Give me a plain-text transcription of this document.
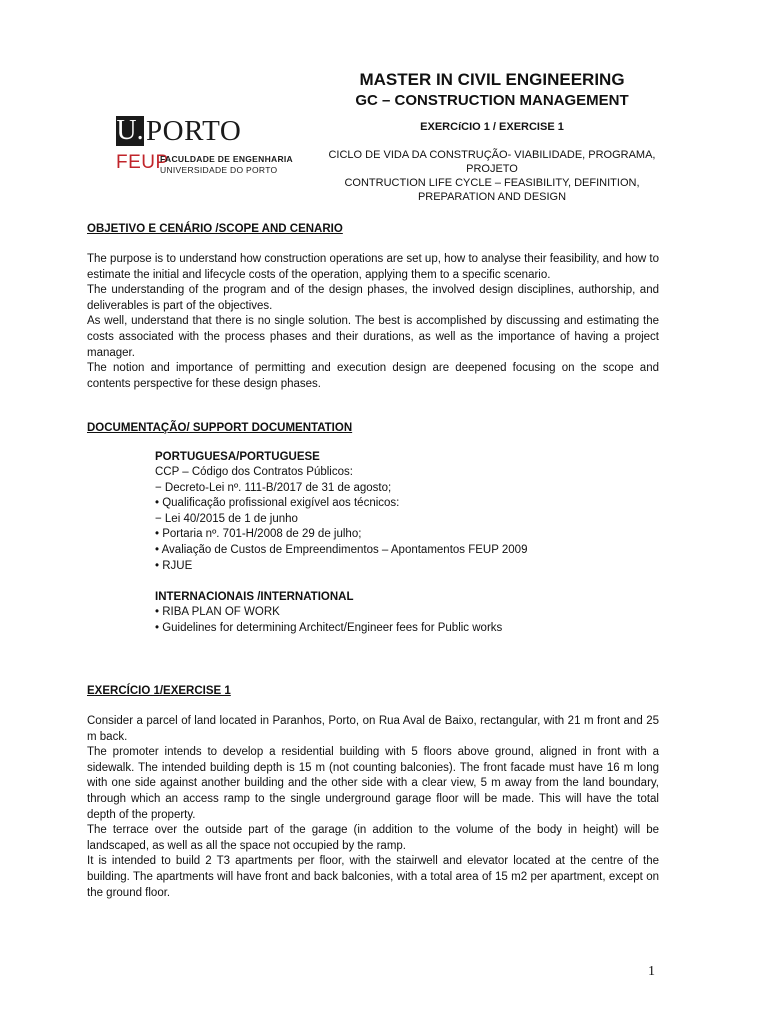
U. PORTO
FEUP
FACULDADE DE ENGENHARIA
UNIVERSIDADE DO PORTO
MASTER IN CIVIL ENGINEERING
GC – CONSTRUCTION MANAGEMENT
EXERCíCIO 1 / EXERCISE 1
CICLO DE VIDA DA CONSTRUÇÃO- VIABILIDADE, PROGRAMA, PROJETO
CONTRUCTION LIFE CYCLE – FEASIBILITY, DEFINITION, PREPARATION AND DESIGN
OBJETIVO E CENÁRIO /SCOPE AND CENARIO

The purpose is to understand how construction operations are set up, how to analyse their feasibility, and how to estimate the initial and lifecycle costs of the operation, applying them to a specific scenario.

The understanding of the program and of the design phases, the involved design disciplines, authorship, and deliverables is part of the objectives.

As well, understand that there is no single solution. The best is accomplished by discussing and estimating the costs associated with the process phases and their durations, as well as the importance of having a project manager.

The notion and importance of permitting and execution design are deepened focusing on the scope and contents perspective for these design phases.

DOCUMENTAÇÃO/ SUPPORT DOCUMENTATION
PORTUGUESA/PORTUGUESE
CCP – Código dos Contratos Públicos:
− Decreto-Lei nº. 111-B/2017 de 31 de agosto;
• Qualificação profissional exigível aos técnicos:
− Lei 40/2015 de 1 de junho
• Portaria nº. 701-H/2008 de 29 de julho;
• Avaliação de Custos de Empreendimentos – Apontamentos FEUP 2009
• RJUE
INTERNACIONAIS /INTERNATIONAL
• RIBA PLAN OF WORK
• Guidelines for determining Architect/Engineer fees for Public works
EXERCÍCIO 1/EXERCISE 1

Consider a parcel of land located in Paranhos, Porto, on Rua Aval de Baixo, rectangular, with 21 m front and 25 m back.

The promoter intends to develop a residential building with 5 floors above ground, aligned in front with a sidewalk. The intended building depth is 15 m (not counting balconies). The front facade must have 16 m long with one side against another building and the other side with a clear view, 5 m away from the land boundary, through which an access ramp to the single underground garage floor will be made. This will have the total depth of the property.

The terrace over the outside part of the garage (in addition to the volume of the body in height) will be landscaped, as well as all the space not occupied by the ramp.

It is intended to build 2 T3 apartments per floor, with the stairwell and elevator located at the centre of the building. The apartments will have front and back balconies, with a total area of 15 m2 per apartment, except on the ground floor.

1
